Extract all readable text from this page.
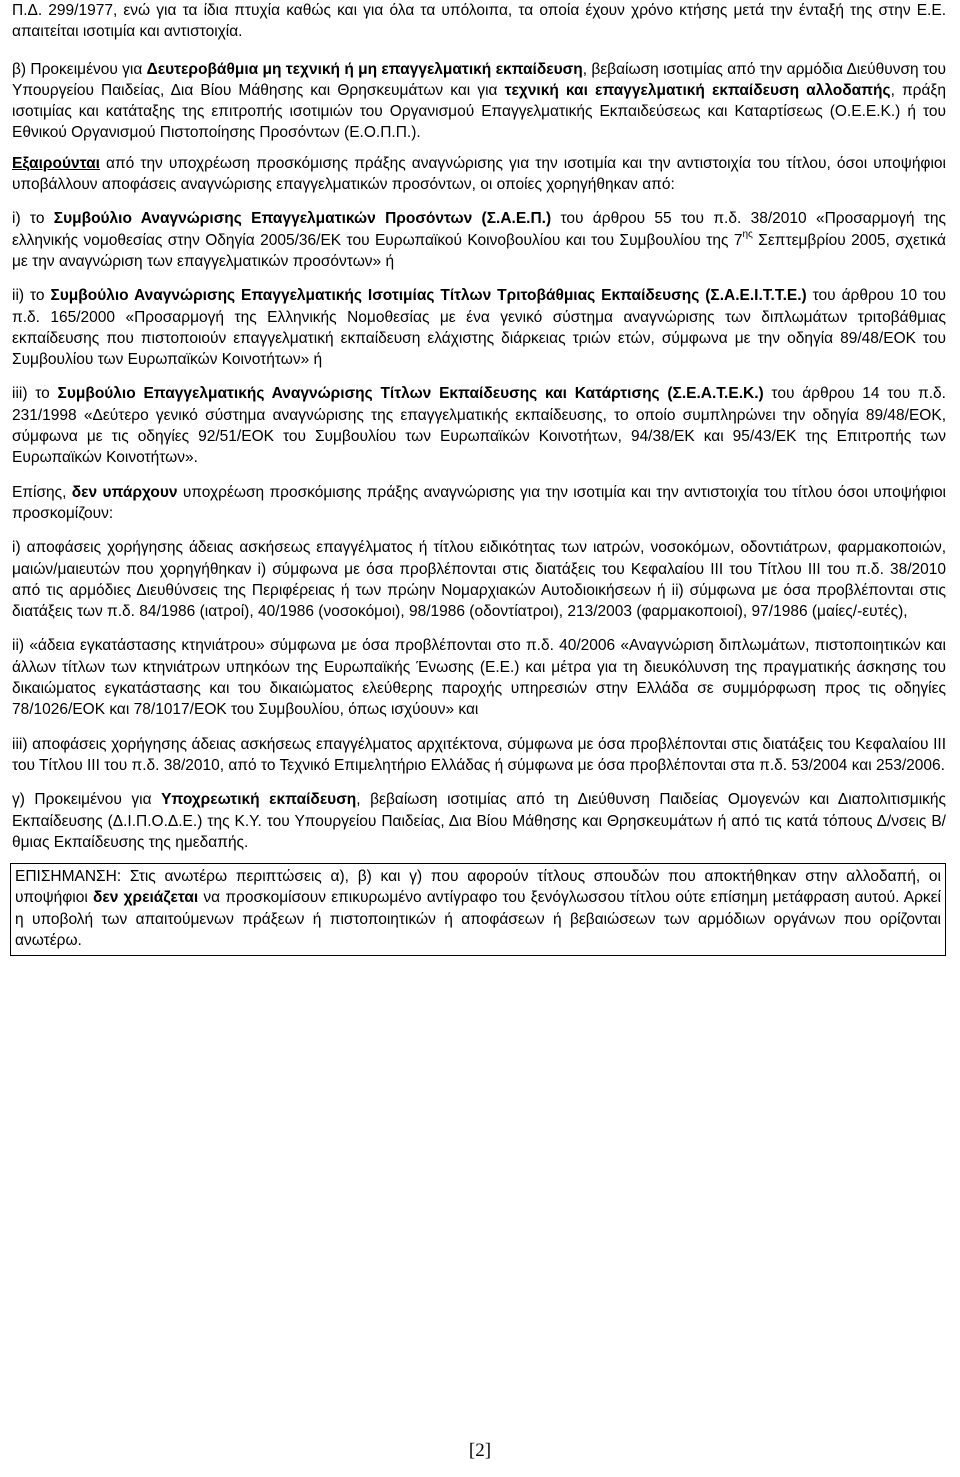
Π.Δ. 299/1977, ενώ για τα ίδια πτυχία καθώς και για όλα τα υπόλοιπα, τα οποία έχουν χρόνο κτήσης μετά την ένταξή της στην Ε.Ε. απαιτείται ισοτιμία και αντιστοιχία.

β) Προκειμένου για Δευτεροβάθμια μη τεχνική ή μη επαγγελματική εκπαίδευση, βεβαίωση ισοτιμίας από την αρμόδια Διεύθυνση του Υπουργείου Παιδείας, Δια Βίου Μάθησης και Θρησκευμάτων και για τεχνική και επαγγελματική εκπαίδευση αλλοδαπής, πράξη ισοτιμίας και κατάταξης της επιτροπής ισοτιμιών του Οργανισμού Επαγγελματικής Εκπαιδεύσεως και Καταρτίσεως (Ο.Ε.Ε.Κ.) ή του Εθνικού Οργανισμού Πιστοποίησης Προσόντων (Ε.Ο.Π.Π.).

Εξαιρούνται από την υποχρέωση προσκόμισης πράξης αναγνώρισης για την ισοτιμία και την αντιστοιχία του τίτλου, όσοι υποψήφιοι υποβάλλουν αποφάσεις αναγνώρισης επαγγελματικών προσόντων, οι οποίες χορηγήθηκαν από:

i) το Συμβούλιο Αναγνώρισης Επαγγελματικών Προσόντων (Σ.Α.Ε.Π.) του άρθρου 55 του π.δ. 38/2010 «Προσαρμογή της ελληνικής νομοθεσίας στην Οδηγία 2005/36/ΕΚ του Ευρωπαϊκού Κοινοβουλίου και του Συμβουλίου της $7^{\eta\varsigma}$ Σεπτεμβρίου 2005, σχετικά με την αναγνώριση των επαγγελματικών προσόντων» ή

ii) το Συμβούλιο Αναγνώρισης Επαγγελματικής Ισοτιμίας Τίτλων Τριτοβάθμιας Εκπαίδευσης (Σ.Α.Ε.Ι.Τ.Τ.Ε.) του άρθρου 10 του π.δ. 165/2000 «Προσαρμογή της Ελληνικής Νομοθεσίας με ένα γενικό σύστημα αναγνώρισης των διπλωμάτων τριτοβάθμιας εκπαίδευσης που πιστοποιούν επαγγελματική εκπαίδευση ελάχιστης διάρκειας τριών ετών, σύμφωνα με την οδηγία 89/48/ΕΟΚ του Συμβουλίου των Ευρωπαϊκών Κοινοτήτων» ή

iii) το Συμβούλιο Επαγγελματικής Αναγνώρισης Τίτλων Εκπαίδευσης και Κατάρτισης (Σ.Ε.Α.Τ.Ε.Κ.) του άρθρου 14 του π.δ. 231/1998 «Δεύτερο γενικό σύστημα αναγνώρισης της επαγγελματικής εκπαίδευσης, το οποίο συμπληρώνει την οδηγία 89/48/ΕΟΚ, σύμφωνα με τις οδηγίες 92/51/ΕΟΚ του Συμβουλίου των Ευρωπαϊκών Κοινοτήτων, 94/38/ΕΚ και 95/43/ΕΚ της Επιτροπής των Ευρωπαϊκών Κοινοτήτων».

Επίσης, δεν υπάρχουν υποχρέωση προσκόμισης πράξης αναγνώρισης για την ισοτιμία και την αντιστοιχία του τίτλου όσοι υποψήφιοι προσκομίζουν:

i) αποφάσεις χορήγησης άδειας ασκήσεως επαγγέλματος ή τίτλου ειδικότητας των ιατρών, νοσοκόμων, οδοντιάτρων, φαρμακοποιών, μαιών/μαιευτών που χορηγήθηκαν i) σύμφωνα με όσα προβλέπονται στις διατάξεις του Κεφαλαίου III του Τίτλου III του π.δ. 38/2010 από τις αρμόδιες Διευθύνσεις της Περιφέρειας ή των πρώην Νομαρχιακών Αυτοδιοικήσεων ή ii) σύμφωνα με όσα προβλέπονται στις διατάξεις των π.δ. 84/1986 (ιατροί), 40/1986 (νοσοκόμοι), 98/1986 (οδοντίατροι), 213/2003 (φαρμακοποιοί), 97/1986 (μαίες/-ευτές),

ii) «άδεια εγκατάστασης κτηνιάτρου» σύμφωνα με όσα προβλέπονται στο π.δ. 40/2006 «Αναγνώριση διπλωμάτων, πιστοποιητικών και άλλων τίτλων των κτηνιάτρων υπηκόων της Ευρωπαϊκής Ένωσης (Ε.Ε.) και μέτρα για τη διευκόλυνση της πραγματικής άσκησης του δικαιώματος εγκατάστασης και του δικαιώματος ελεύθερης παροχής υπηρεσιών στην Ελλάδα σε συμμόρφωση προς τις οδηγίες 78/1026/ΕΟΚ και 78/1017/ΕΟΚ του Συμβουλίου, όπως ισχύουν» και

iii) αποφάσεις χορήγησης άδειας ασκήσεως επαγγέλματος αρχιτέκτονα, σύμφωνα με όσα προβλέπονται στις διατάξεις του Κεφαλαίου III του Τίτλου III του π.δ. 38/2010, από το Τεχνικό Επιμελητήριο Ελλάδας ή σύμφωνα με όσα προβλέπονται στα π.δ. 53/2004 και 253/2006.

γ) Προκειμένου για Υποχρεωτική εκπαίδευση, βεβαίωση ισοτιμίας από τη Διεύθυνση Παιδείας Ομογενών και Διαπολιτισμικής Εκπαίδευσης (Δ.Ι.Π.Ο.Δ.Ε.) της Κ.Υ. του Υπουργείου Παιδείας, Δια Βίου Μάθησης και Θρησκευμάτων ή από τις κατά τόπους Δ/νσεις Β/θμιας Εκπαίδευσης της ημεδαπής.

ΕΠΙΣΗΜΑΝΣΗ: Στις ανωτέρω περιπτώσεις α), β) και γ) που αφορούν τίτλους σπουδών που αποκτήθηκαν στην αλλοδαπή, οι υποψήφιοι δεν χρειάζεται να προσκομίσουν επικυρωμένο αντίγραφο του ξενόγλωσσου τίτλου ούτε επίσημη μετάφραση αυτού. Αρκεί η υποβολή των απαιτούμενων πράξεων ή πιστοποιητικών ή αποφάσεων ή βεβαιώσεων των αρμόδιων οργάνων που ορίζονται ανωτέρω.

[2]
